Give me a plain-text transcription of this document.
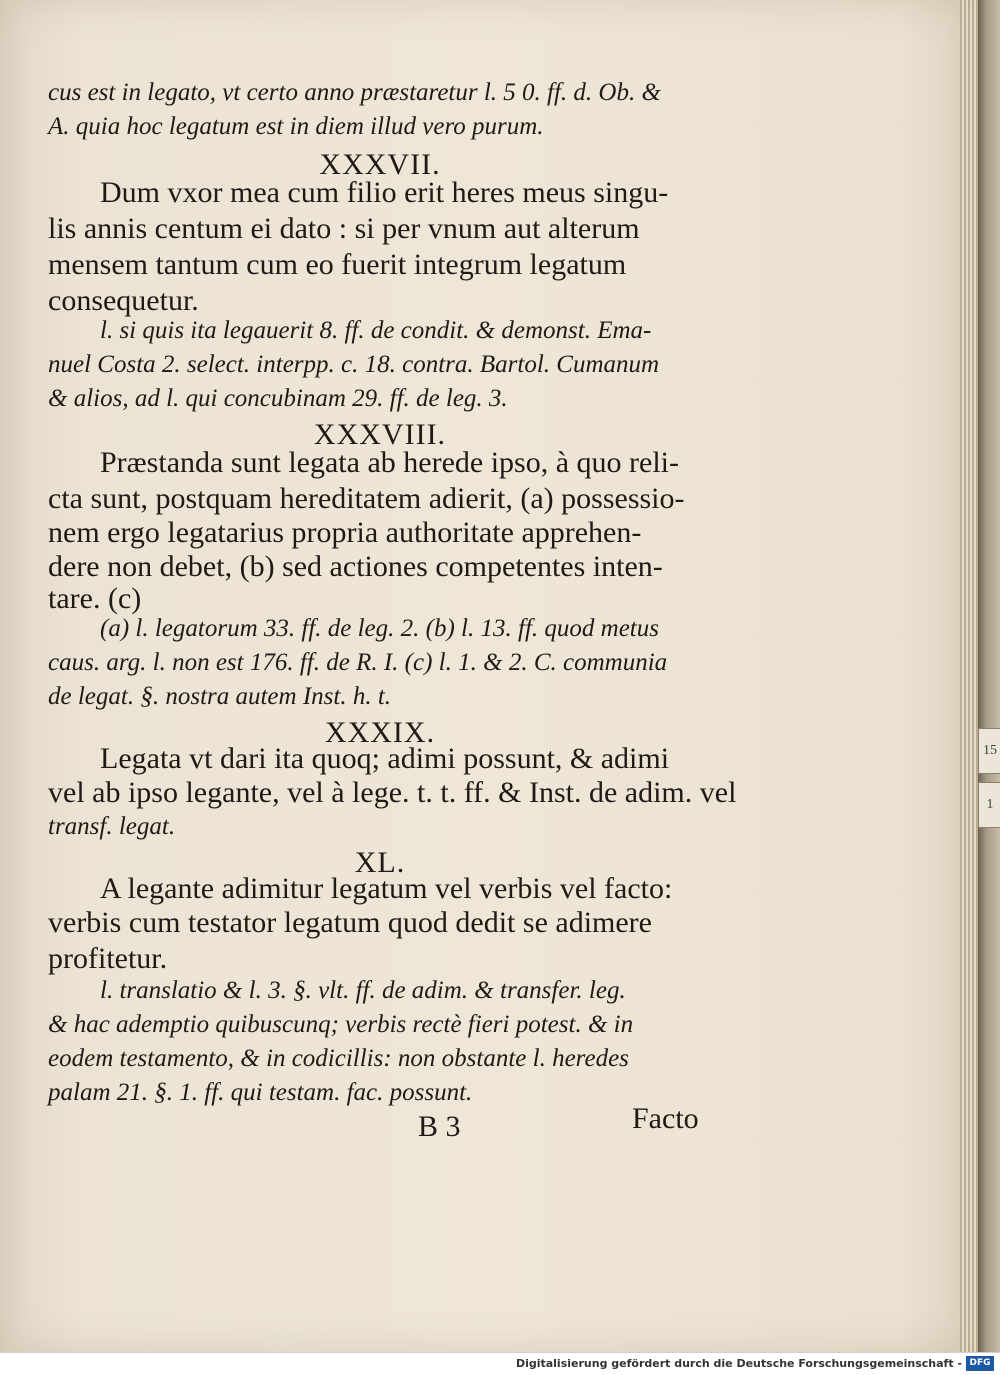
15
1

cus est in legato, vt certo anno præstaretur l. 5 0. ff. d. Ob. &

A. quia hoc legatum est in diem illud vero purum.

XXXVII.

Dum vxor mea cum filio erit heres meus singu-

lis annis centum ei dato : si per vnum aut alterum

mensem tantum cum eo fuerit integrum legatum

consequetur.

l. si quis ita legauerit 8. ff. de condit. & demonst. Ema-

nuel Costa 2. select. interpp. c. 18. contra. Bartol. Cumanum

& alios, ad l. qui concubinam 29. ff. de leg. 3.

XXXVIII.

Præstanda sunt legata ab herede ipso, à quo reli-

cta sunt, postquam hereditatem adierit, (a) possessio-

nem ergo legatarius propria authoritate apprehen-

dere non debet, (b) sed actiones competentes inten-

tare. (c)

(a) l. legatorum 33. ff. de leg. 2. (b) l. 13. ff. quod metus

caus. arg. l. non est 176. ff. de R. I. (c) l. 1. & 2. C. communia

de legat. §. nostra autem Inst. h. t.

XXXIX.

Legata vt dari ita quoq; adimi possunt, & adimi

vel ab ipso legante, vel à lege. t. t. ff. & Inst. de adim. vel

transf. legat.

XL.

A legante adimitur legatum vel verbis vel facto:

verbis cum testator legatum quod dedit se adimere

profitetur.

l. translatio & l. 3. §. vlt. ff. de adim. & transfer. leg.

& hac ademptio quibuscunq; verbis rectè fieri potest. & in

eodem testamento, & in codicillis: non obstante l. heredes

palam 21. §. 1. ff. qui testam. fac. possunt.

B 3	Facto

Digitalisierung gefördert durch die Deutsche Forschungsgemeinschaft - DFG
